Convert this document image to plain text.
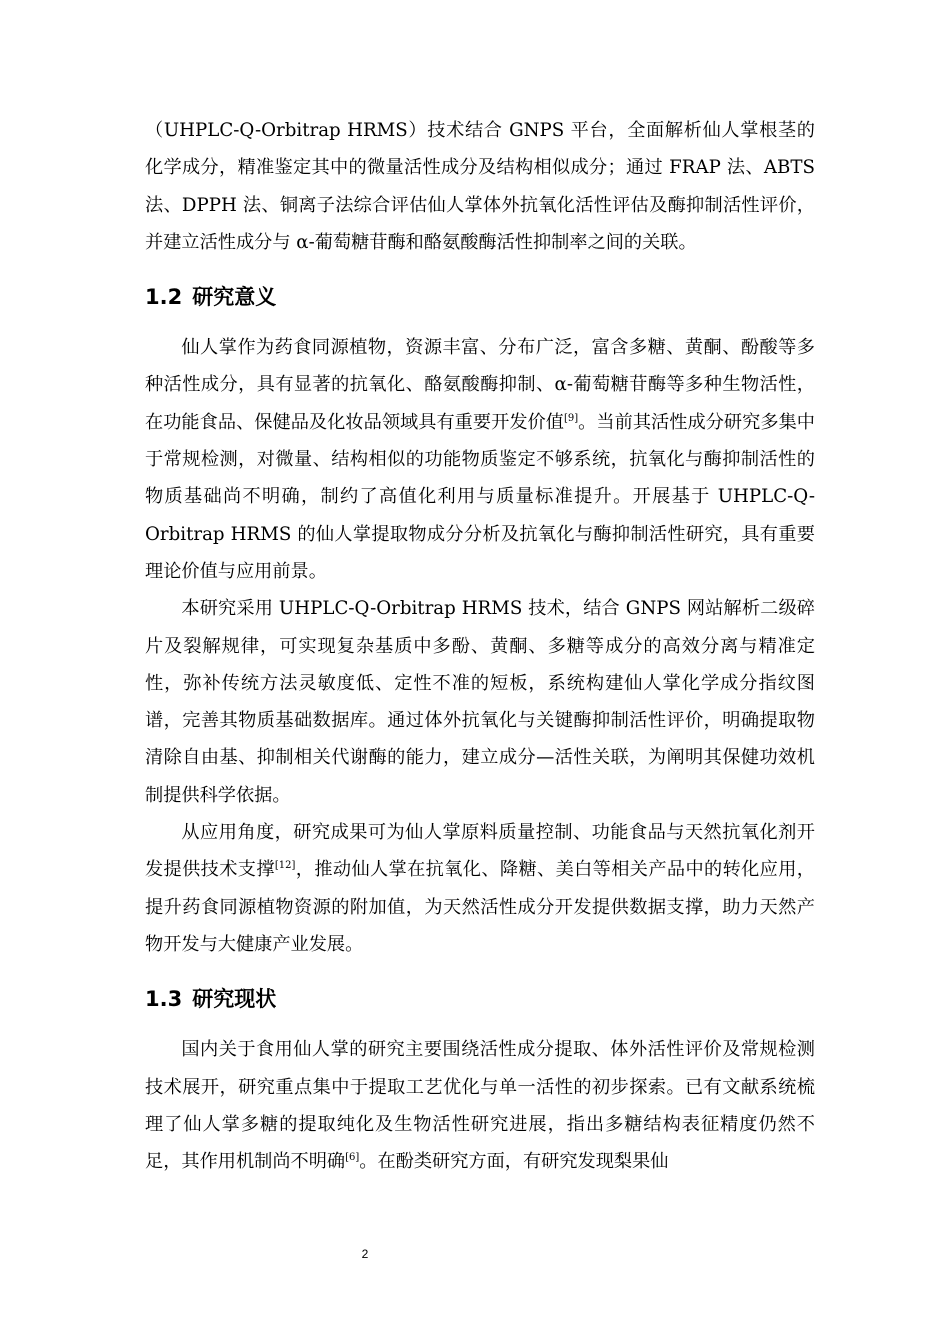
（UHPLC-Q-Orbitrap HRMS）技术结合 GNPS 平台，全面解析仙人掌根茎的化学成分，精准鉴定其中的微量活性成分及结构相似成分；通过 FRAP 法、ABTS 法、DPPH 法、铜离子法综合评估仙人掌体外抗氧化活性评估及酶抑制活性评价，并建立活性成分与 α-葡萄糖苷酶和酪氨酸酶活性抑制率之间的关联。

1.2 研究意义

仙人掌作为药食同源植物，资源丰富、分布广泛，富含多糖、黄酮、酚酸等多种活性成分，具有显著的抗氧化、酪氨酸酶抑制、α-葡萄糖苷酶等多种生物活性，在功能食品、保健品及化妆品领域具有重要开发价值[9]。当前其活性成分研究多集中于常规检测，对微量、结构相似的功能物质鉴定不够系统，抗氧化与酶抑制活性的物质基础尚不明确，制约了高值化利用与质量标准提升。开展基于 UHPLC-Q-Orbitrap HRMS 的仙人掌提取物成分分析及抗氧化与酶抑制活性研究，具有重要理论价值与应用前景。

本研究采用 UHPLC-Q-Orbitrap HRMS 技术，结合 GNPS 网站解析二级碎片及裂解规律，可实现复杂基质中多酚、黄酮、多糖等成分的高效分离与精准定性，弥补传统方法灵敏度低、定性不准的短板，系统构建仙人掌化学成分指纹图谱，完善其物质基础数据库。通过体外抗氧化与关键酶抑制活性评价，明确提取物清除自由基、抑制相关代谢酶的能力，建立成分—活性关联，为阐明其保健功效机制提供科学依据。

从应用角度，研究成果可为仙人掌原料质量控制、功能食品与天然抗氧化剂开发提供技术支撑[12]，推动仙人掌在抗氧化、降糖、美白等相关产品中的转化应用，提升药食同源植物资源的附加值，为天然活性成分开发提供数据支撑，助力天然产物开发与大健康产业发展。

1.3 研究现状

国内关于食用仙人掌的研究主要围绕活性成分提取、体外活性评价及常规检测技术展开，研究重点集中于提取工艺优化与单一活性的初步探索。已有文献系统梳理了仙人掌多糖的提取纯化及生物活性研究进展，指出多糖结构表征精度仍然不足，其作用机制尚不明确[6]。在酚类研究方面，有研究发现梨果仙

2
